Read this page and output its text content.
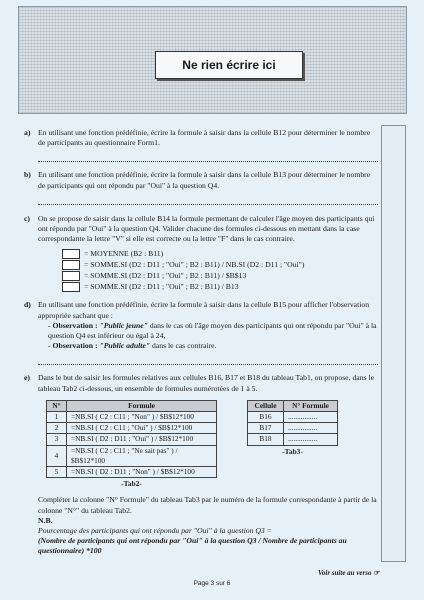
Ne rien écrire ici
a) En utilisant une fonction prédéfinie, écrire la formule à saisir dans la cellule B12 pour déterminer le nombre de participants au questionnaire Form1.
b) En utilisant une fonction prédéfinie, écrire la formule à saisir dans la cellule B13 pour déterminer le nombre de participants qui ont répondu par "Oui" à la question Q4.
c) On se propose de saisir dans la cellule B14 la formule permettant de calculer l'âge moyen des participants qui ont répondu par "Oui" à la question Q4. Valider chacune des formules ci-dessous en mettant dans la case correspondante la lettre "V" si elle est correcte ou la lettre "F" dans le cas contraire.
= MOYENNE (B2 : B11)
= SOMME.SI (D2 : D11 ; "Oui" ; B2 : B11) / NB.SI (D2 : D11 ; "Oui")
= SOMME.SI (D2 : D11 ; "Oui" ; B2 : B11) / $B$13
= SOMME.SI (D2 : D11 ; "Oui" ; B2 : B11) / B13
d) En utilisant une fonction prédéfinie, écrire la formule à saisir dans la cellule B15 pour afficher l'observation appropriée sachant que :
- Observation : "Public jeune" dans le cas où l'âge moyen des participants qui ont répondu par "Oui" à la question Q4 est inférieur ou égal à 24,
- Observation : "Public adulte" dans le cas contraire.
e) Dans le but de saisir les formules relatives aux cellules B16, B17 et B18 du tableau Tab1, on propose, dans le tableau Tab2 ci-dessous, un ensemble de formules numérotées de 1 à 5.
N°	Formule
1	=NB.SI ( C2 : C11 ; "Non" ) / $B$12*100
2	=NB.SI ( C2 : C11 ; "Oui" ) / $B$12*100
3	=NB.SI ( D2 : D11 ; "Oui" ) / $B$12*100
4	=NB.SI ( C2 : C11 ; "Ne sait pas" ) / $B$12*100
5	=NB.SI ( D2 : D11 ; "Non" ) / $B$12*100
-Tab2-
Cellule	N° Formule
B16	................
B17	................
B18	................
-Tab3-
Compléter la colonne "N° Formule" du tableau Tab3 par le numéro de la formule correspondante à partir de la colonne "N°" du tableau Tab2.
N.B.
Pourcentage des participants qui ont répondu par "Oui" à la question Q3 =
(Nombre de participants qui ont répondu par "Oui" à la question Q3 / Nombre de participants au questionnaire) *100
Voir suite au verso ☞
Page 3 sur 6
